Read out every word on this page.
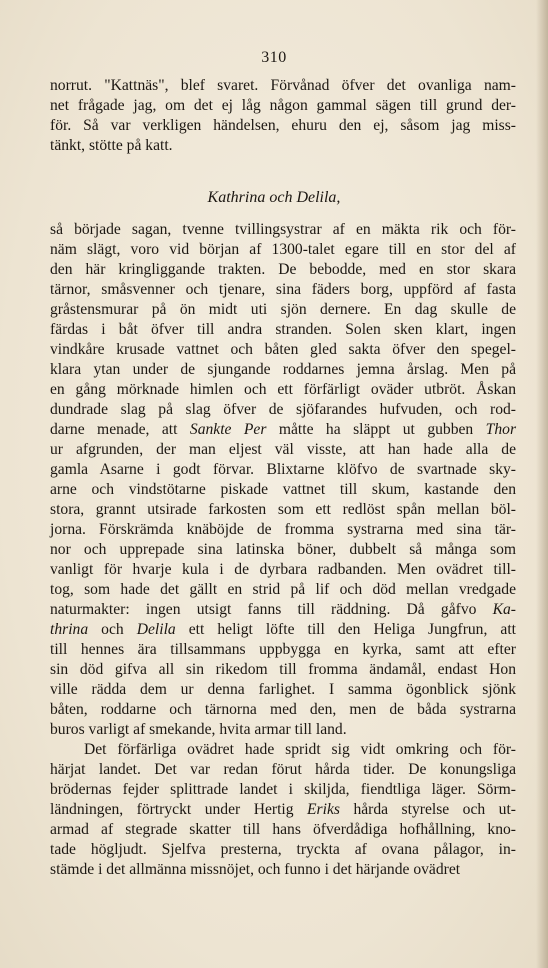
310
norrut. "Kattnäs", blef svaret. Förvånad öfver det ovanliga nam-
net frågade jag, om det ej låg någon gammal sägen till grund der-
för. Så var verkligen händelsen, ehuru den ej, såsom jag miss-
tänkt, stötte på katt.
Kathrina och Delila,
så började sagan, tvenne tvillingsystrar af en mäkta rik och för-
näm slägt, voro vid början af 1300-talet egare till en stor del af
den här kringliggande trakten. De bebodde, med en stor skara
tärnor, småsvenner och tjenare, sina fäders borg, uppförd af fasta
gråstensmurar på ön midt uti sjön dernere. En dag skulle de
färdas i båt öfver till andra stranden. Solen sken klart, ingen
vindkåre krusade vattnet och båten gled sakta öfver den spegel-
klara ytan under de sjungande roddarnes jemna årslag. Men på
en gång mörknade himlen och ett förfärligt oväder utbröt. Åskan
dundrade slag på slag öfver de sjöfarandes hufvuden, och rod-
darne menade, att Sankte Per måtte ha släppt ut gubben Thor
ur afgrunden, der man eljest väl visste, att han hade alla de
gamla Asarne i godt förvar. Blixtarne klöfvo de svartnade sky-
arne och vindstötarne piskade vattnet till skum, kastande den
stora, grannt utsirade farkosten som ett redlöst spån mellan böl-
jorna. Förskrämda knäböjde de fromma systrarna med sina tär-
nor och upprepade sina latinska böner, dubbelt så många som
vanligt för hvarje kula i de dyrbara radbanden. Men ovädret till-
tog, som hade det gällt en strid på lif och död mellan vredgade
naturmakter: ingen utsigt fanns till räddning. Då gåfvo Ka-
thrina och Delila ett heligt löfte till den Heliga Jungfrun, att
till hennes ära tillsammans uppbygga en kyrka, samt att efter
sin död gifva all sin rikedom till fromma ändamål, endast Hon
ville rädda dem ur denna farlighet. I samma ögonblick sjönk
båten, roddarne och tärnorna med den, men de båda systrarna
buros varligt af smekande, hvita armar till land.
Det förfärliga ovädret hade spridt sig vidt omkring och för-
härjat landet. Det var redan förut hårda tider. De konungsliga
brödernas fejder splittrade landet i skiljda, fiendtliga läger. Sörm-
ländningen, förtryckt under Hertig Eriks hårda styrelse och ut-
armad af stegrade skatter till hans öfverdådiga hofhållning, kno-
tade högljudt. Sjelfva presterna, tryckta af ovana pålagor, in-
stämde i det allmänna missnöjet, och funno i det härjande ovädret
